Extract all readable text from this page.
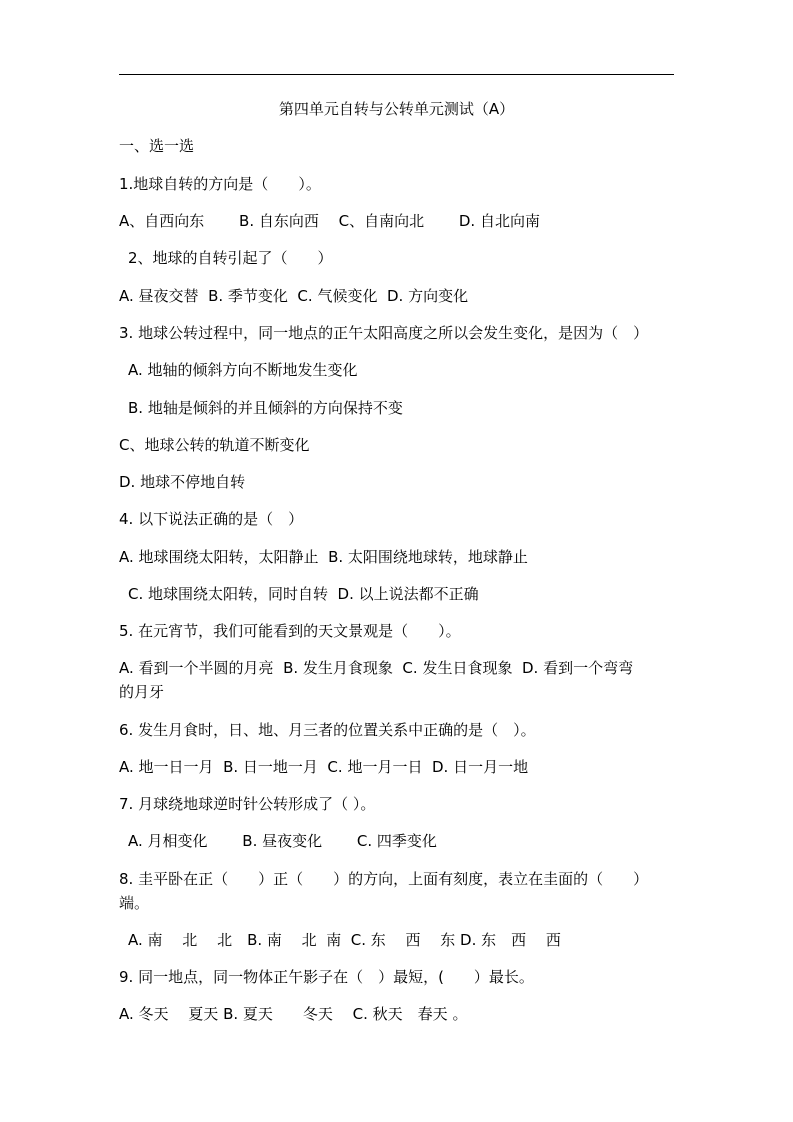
第四单元自转与公转单元测试（A）
一、选一选
1.地球自转的方向是（　　）。
A、自西向东　　 B. 自东向西　 C、自南向北　　 D. 自北向南
2、地球的自转引起了（　　）
A. 昼夜交替  B. 季节变化  C. 气候变化  D. 方向变化
3. 地球公转过程中，同一地点的正午太阳高度之所以会发生变化，是因为（　）
A. 地轴的倾斜方向不断地发生变化
B. 地轴是倾斜的并且倾斜的方向保持不变
C、地球公转的轨道不断变化
D. 地球不停地自转
4. 以下说法正确的是（　）
A. 地球围绕太阳转，太阳静止  B. 太阳围绕地球转，地球静止
C. 地球围绕太阳转，同时自转  D. 以上说法都不正确
5. 在元宵节，我们可能看到的天文景观是（　　）。
A. 看到一个半圆的月亮  B. 发生月食现象  C. 发生日食现象  D. 看到一个弯弯
的月牙
6. 发生月食时，日、地、月三者的位置关系中正确的是（　）。
A. 地一日一月  B. 日一地一月  C. 地一月一日  D. 日一月一地
7. 月球绕地球逆时针公转形成了（ ）。
A. 月相变化　　 B. 昼夜变化　　 C. 四季变化
8. 圭平卧在正（　　）正（　　）的方向，上面有刻度，表立在圭面的（　　）
端。
A. 南　 北　 北　B. 南　 北  南  C. 东　 西　 东 D. 东　西　 西
9. 同一地点，同一物体正午影子在（　）最短，(　　）最长。
A. 冬天　 夏天 B. 夏天　　冬天　 C. 秋天　春天 。
